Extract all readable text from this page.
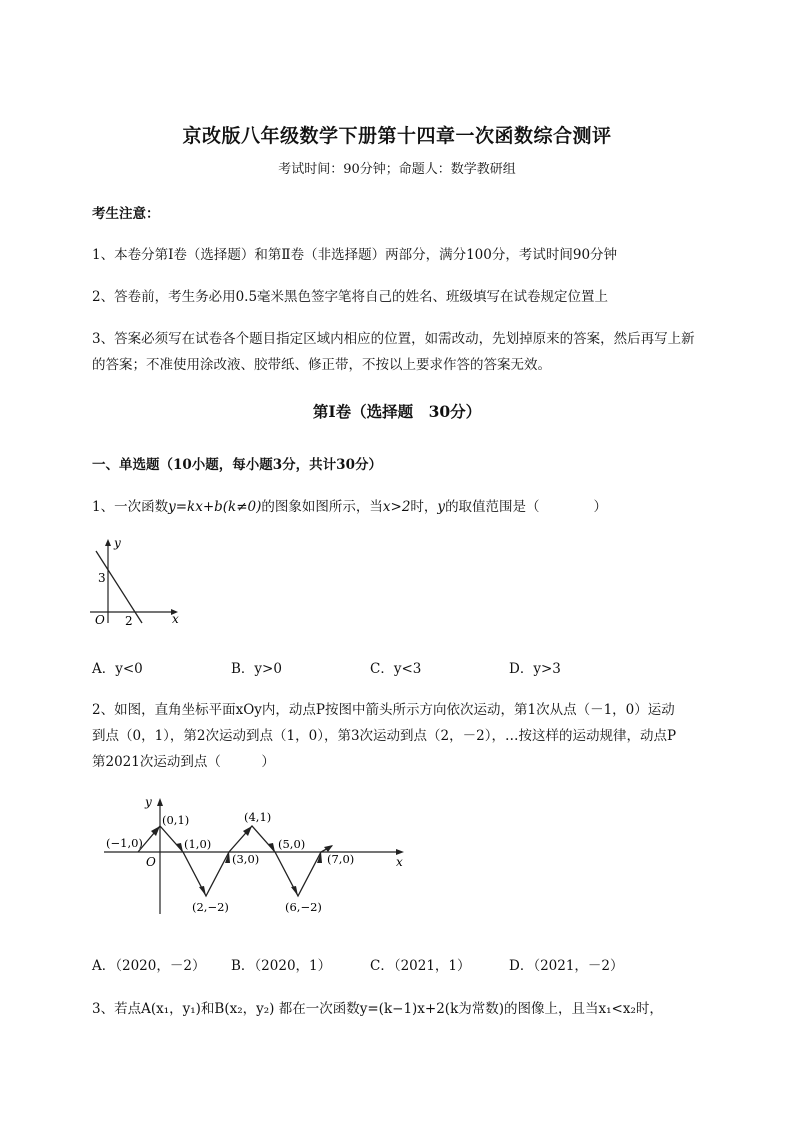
京改版八年级数学下册第十四章一次函数综合测评
考试时间：90分钟；命题人：数学教研组
考生注意：
1、本卷分第I卷（选择题）和第Ⅱ卷（非选择题）两部分，满分100分，考试时间90分钟
2、答卷前，考生务必用0.5毫米黑色签字笔将自己的姓名、班级填写在试卷规定位置上
3、答案必须写在试卷各个题目指定区域内相应的位置，如需改动，先划掉原来的答案，然后再写上新
的答案；不准使用涂改液、胶带纸、修正带，不按以上要求作答的答案无效。
第I卷（选择题　30分）
一、单选题（10小题，每小题3分，共计30分）
1、一次函数y=kx+b(k≠0)的图象如图所示，当x>2时，y的取值范围是（　　　　）
y
x
O
3
2
A．y<0	B．y>0	C．y<3	D．y>3
2、如图，直角坐标平面xOy内，动点P按图中箭头所示方向依次运动，第1次从点（－1，0）运动
到点（0，1），第2次运动到点（1，0），第3次运动到点（2，－2），…按这样的运动规律，动点P
第2021次运动到点（　　　）
y
x
O
(−1,0)
(0,1)
(1,0)
(2,−2)
(3,0)
(4,1)
(5,0)
(6,−2)
(7,0)
A．（2020，－2） B．（2020，1）	C．（2021，1）	D．（2021，－2）
3、若点A(x₁，y₁)和B(x₂，y₂) 都在一次函数y=(k−1)x+2(k为常数)的图像上，且当x₁<x₂时，
